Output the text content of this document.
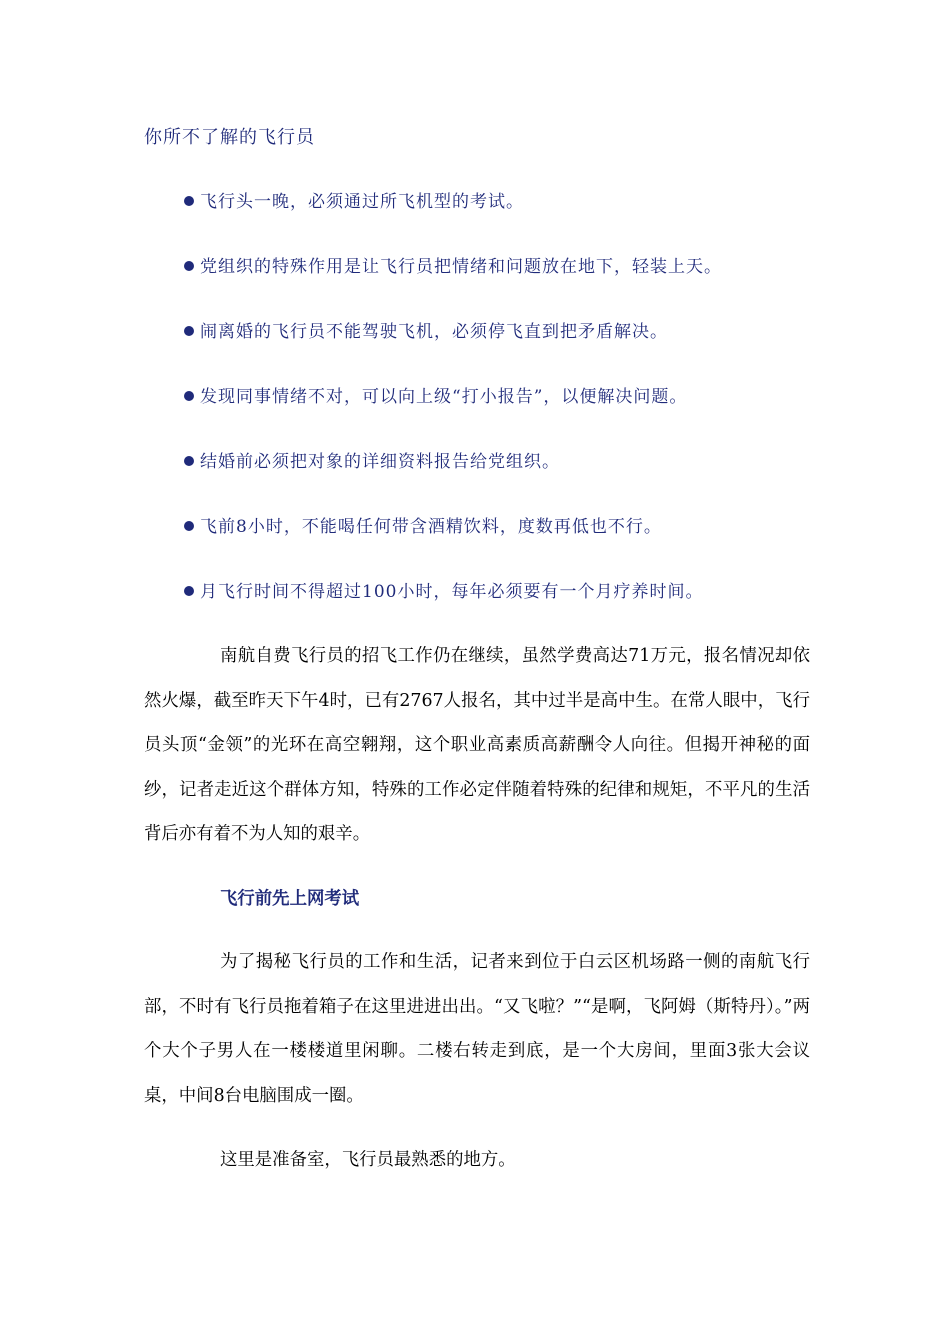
你所不了解的飞行员
飞行头一晚，必须通过所飞机型的考试。
党组织的特殊作用是让飞行员把情绪和问题放在地下，轻装上天。
闹离婚的飞行员不能驾驶飞机，必须停飞直到把矛盾解决。
发现同事情绪不对，可以向上级“打小报告”，以便解决问题。
结婚前必须把对象的详细资料报告给党组织。
飞前8小时，不能喝任何带含酒精饮料，度数再低也不行。
月飞行时间不得超过100小时，每年必须要有一个月疗养时间。

南航自费飞行员的招飞工作仍在继续，虽然学费高达71万元，报名情况却依然火爆，截至昨天下午4时，已有2767人报名，其中过半是高中生。在常人眼中，飞行员头顶“金领”的光环在高空翱翔，这个职业高素质高薪酬令人向往。但揭开神秘的面纱，记者走近这个群体方知，特殊的工作必定伴随着特殊的纪律和规矩，不平凡的生活背后亦有着不为人知的艰辛。

飞行前先上网考试

为了揭秘飞行员的工作和生活，记者来到位于白云区机场路一侧的南航飞行部，不时有飞行员拖着箱子在这里进进出出。“又飞啦？”“是啊，飞阿姆（斯特丹）。”两个大个子男人在一楼楼道里闲聊。二楼右转走到底，是一个大房间，里面3张大会议桌，中间8台电脑围成一圈。

这里是准备室，飞行员最熟悉的地方。
